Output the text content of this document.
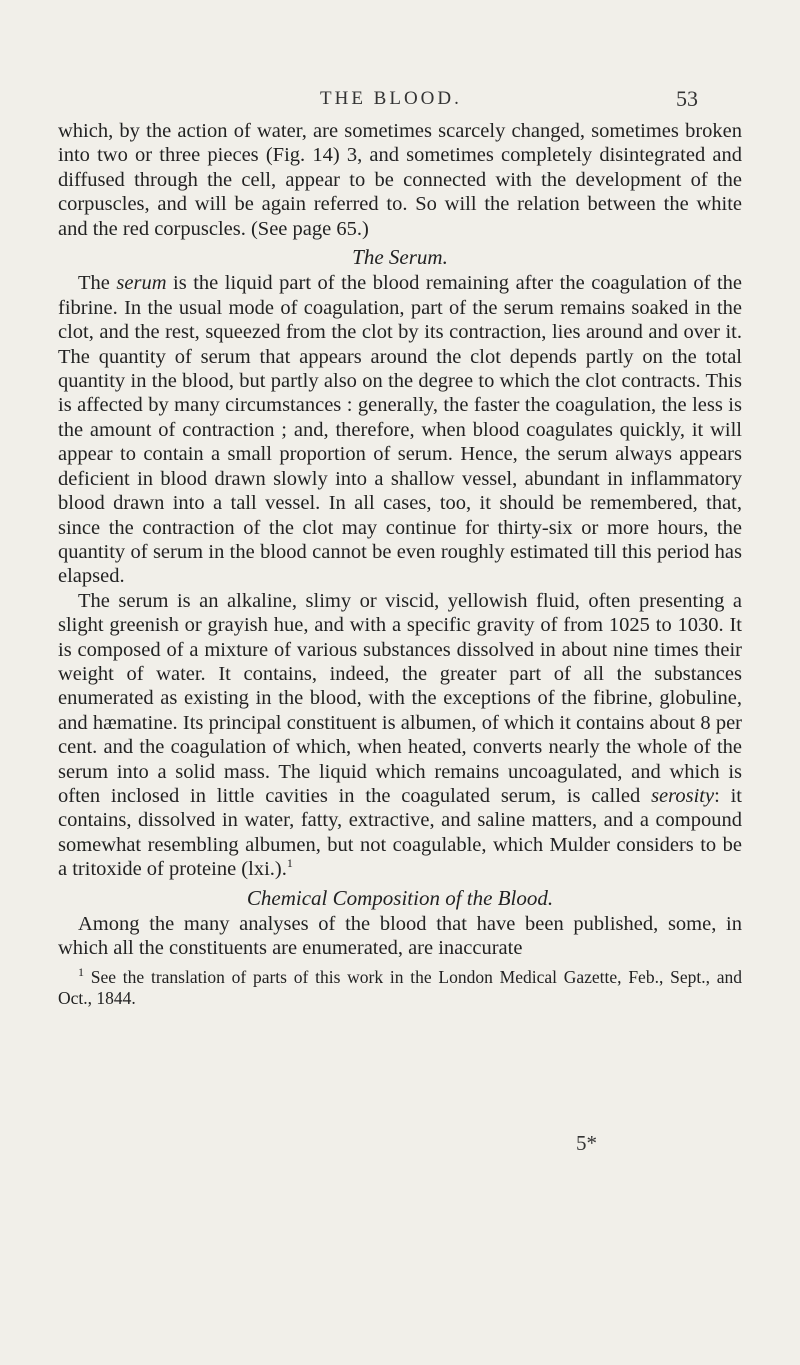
THE BLOOD.	53

which, by the action of water, are sometimes scarcely changed, sometimes broken into two or three pieces (Fig. 14) 3, and sometimes completely disintegrated and diffused through the cell, appear to be connected with the development of the corpuscles, and will be again referred to. So will the relation between the white and the red corpuscles. (See page 65.)

The Serum.

The serum is the liquid part of the blood remaining after the coagulation of the fibrine. In the usual mode of coagulation, part of the serum remains soaked in the clot, and the rest, squeezed from the clot by its contraction, lies around and over it. The quantity of serum that appears around the clot depends partly on the total quantity in the blood, but partly also on the degree to which the clot contracts. This is affected by many circumstances : generally, the faster the coagulation, the less is the amount of contraction ; and, therefore, when blood coagulates quickly, it will appear to contain a small proportion of serum. Hence, the serum always appears deficient in blood drawn slowly into a shallow vessel, abundant in inflammatory blood drawn into a tall vessel. In all cases, too, it should be remembered, that, since the contraction of the clot may continue for thirty-six or more hours, the quantity of serum in the blood cannot be even roughly estimated till this period has elapsed.

The serum is an alkaline, slimy or viscid, yellowish fluid, often presenting a slight greenish or grayish hue, and with a specific gravity of from 1025 to 1030. It is composed of a mixture of various substances dissolved in about nine times their weight of water. It contains, indeed, the greater part of all the substances enumerated as existing in the blood, with the exceptions of the fibrine, globuline, and hæmatine. Its principal constituent is albumen, of which it contains about 8 per cent. and the coagulation of which, when heated, converts nearly the whole of the serum into a solid mass. The liquid which remains uncoagulated, and which is often inclosed in little cavities in the coagulated serum, is called serosity: it contains, dissolved in water, fatty, extractive, and saline matters, and a compound somewhat resembling albumen, but not coagulable, which Mulder considers to be a tritoxide of proteine (lxi.).$^1$

Chemical Composition of the Blood.

Among the many analyses of the blood that have been published, some, in which all the constituents are enumerated, are inaccurate

$^1$ See the translation of parts of this work in the London Medical Gazette, Feb., Sept., and Oct., 1844.

5*
